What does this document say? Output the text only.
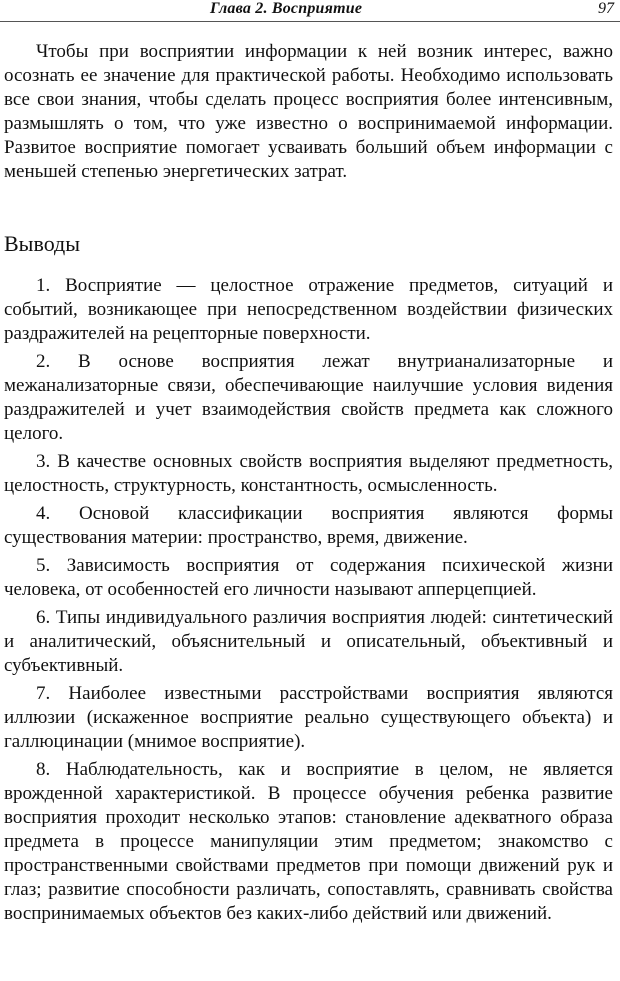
Глава 2. Восприятие	97

Чтобы при восприятии информации к ней возник интерес, важно осознать ее значение для практической работы. Необходимо использовать все свои знания, чтобы сделать процесс восприятия более интенсивным, размышлять о том, что уже известно о воспринимаемой информации. Развитое восприятие помогает усваивать больший объем информации с меньшей степенью энергетических затрат.

Выводы

1. Восприятие — целостное отражение предметов, ситуаций и событий, возникающее при непосредственном воздействии физических раздражителей на рецепторные поверхности.

2. В основе восприятия лежат внутрианализаторные и межанализаторные связи, обеспечивающие наилучшие условия видения раздражителей и учет взаимодействия свойств предмета как сложного целого.

3. В качестве основных свойств восприятия выделяют предметность, целостность, структурность, константность, осмысленность.

4. Основой классификации восприятия являются формы существования материи: пространство, время, движение.

5. Зависимость восприятия от содержания психической жизни человека, от особенностей его личности называют апперцепцией.

6. Типы индивидуального различия восприятия людей: синтетический и аналитический, объяснительный и описательный, объективный и субъективный.

7. Наиболее известными расстройствами восприятия являются иллюзии (искаженное восприятие реально существующего объекта) и галлюцинации (мнимое восприятие).

8. Наблюдательность, как и восприятие в целом, не является врожденной характеристикой. В процессе обучения ребенка развитие восприятия проходит несколько этапов: становление адекватного образа предмета в процессе манипуляции этим предметом; знакомство с пространственными свойствами предметов при помощи движений рук и глаз; развитие способности различать, сопоставлять, сравнивать свойства воспринимаемых объектов без каких-либо действий или движений.
